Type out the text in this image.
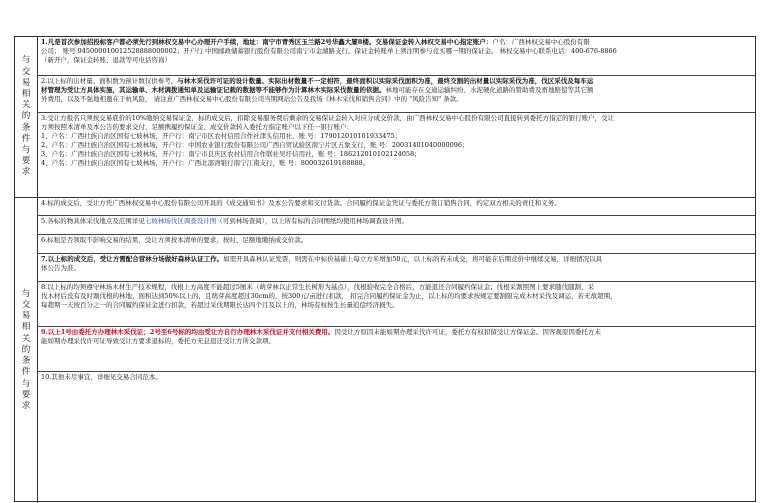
与交易相关的条件与要求
1.凡是首次参加招投标客户都必须先行到林权交易中心办理开户手续，地址：南宁市青秀区玉兰路2号华鑫大厦8楼。交易保证金转入林权交易中心指定账户：户名：广西林权交易中心股份有限
公司； 账号 945000010012528888000002；开户行 中国邮政储蓄银行股份有限公司南宁市金湖路支行。保证金转账单上须注明参与竞买哪一期的保证金。 林权交易中心联系电话：400-676-8866
（新开户，保证金转账、退款等可电话咨询）
2.以上标的出材量、面积数为预计数仅供参考，与林木采伐许可证的设计数量、实际出材数量不一定相符，最终面积以实际采伐面积为准，最终交割的出材量以实际采伐为准，伐区采伐及每车运
材管理为受让方具体实施，其运输单、木材调拨通知单及运输证记载的数据等不能够作为计算林木实际采伐数量的依据。林地可能存在交通运输纠纷、水泥硬化道路的赞助费及畜地赔偿等其它额
外费用，以及不强地相邀在于杭风险， 请注意广西林权交易中心股份有限公司当期网站公告及我场《林木采伐和销售合同》中的 "风险告知" 条款。
3.受让方报名只须按交易底价的10%缴纳交易保证金，标的成交后，扣除交易服务费后剩余的交易保证金转入对应分成交价款，由广西林权交易中心股份有限公司直接转到委托方指定的银行账户，受让
方须按照本清单及本公告的要求交付，足额携履约保证金、成交价款转入委托方指定账户以下任一银行账户：
1、户名：广西壮族自治区国有七坡林场，开户行：南宁市区农村信用合作社津头信用社，账 号：17901201010193347​5；
2、户名：广西壮族自治区国有七坡林场，开户行：中国农业银行股份有限公司广西自贸试验区南宁片区五象支行，账 号：20031401040000096；
3、户名：广西壮族自治区国有七坡林场，开户行：南宁市良庆区农村信用合作联社吴圩信用社，账 号：186212010102124058；
4、户名：广西壮族自治区国有七坡林场，开户行：广西北部湾银行南宁江南支行，账 号：800032619188888。
与交易相关的条件与要求
4.标的成交后，受让方凭广西林权交易中心股份有限公司开具的《成交通知书》及本公告要求和支付货款。合同履约保证金凭证与委托方签订销售合同，约定双方相关的责任和义务。
5.各标的物具体采伐地点及范围详见七坡林场伐区调查设计图（可到林场查阅），以上所有标的合同图纸均使用林场调查设计图。
6.标租是否领取不影响交易的结果，受让方须按本清单的要求，按时、足额地缴纳成交价款。
7.以上标的成交后，受让方需配合营林分场做好森林认证工作。如需开具森林认证发票，则需在中标价基础上每立方米增加50元，以上标的若未成交，将可能在后期竞价中继续交易，详细情况以具
体公告为准。
8.以上标的均须遵守林场木材生产技术规程，伐根上方高度不能超过5厘米（萌芽林以正常生长树形为基点），伐根验收完全合格后，方能退还合同履约保证金；伐根采割照图上要求随伐随割，采
伐木材后没有及时割伐根的林地，面积达到50%以上的，且萌芽高度超过30cm的，按300元/亩进行扣款， 扣完合同履约保证金为止，以上标的均要求按规定要割限完成木材采伐及调运，若无故超期，
每超期一天按百分之一的合同履约保证金进行扣款，若超过采伐期限长达四个月及以上的，林场有权按生长量追偿经济损失。
9.以上1号由委托方办理林木采伐证；2号至6号标的均由受让方自行办理林木采伐证并支付相关费用。因受让方原因未能如期办理采伐许可证，委托方有权扣留受让方保证金。因客观原因委托方未
能如期办理采伐许可证导致受让方要求退标的，委托方无息退还受让方所交款项。
10.其他未尽事宜，详细见交易合同范本。
